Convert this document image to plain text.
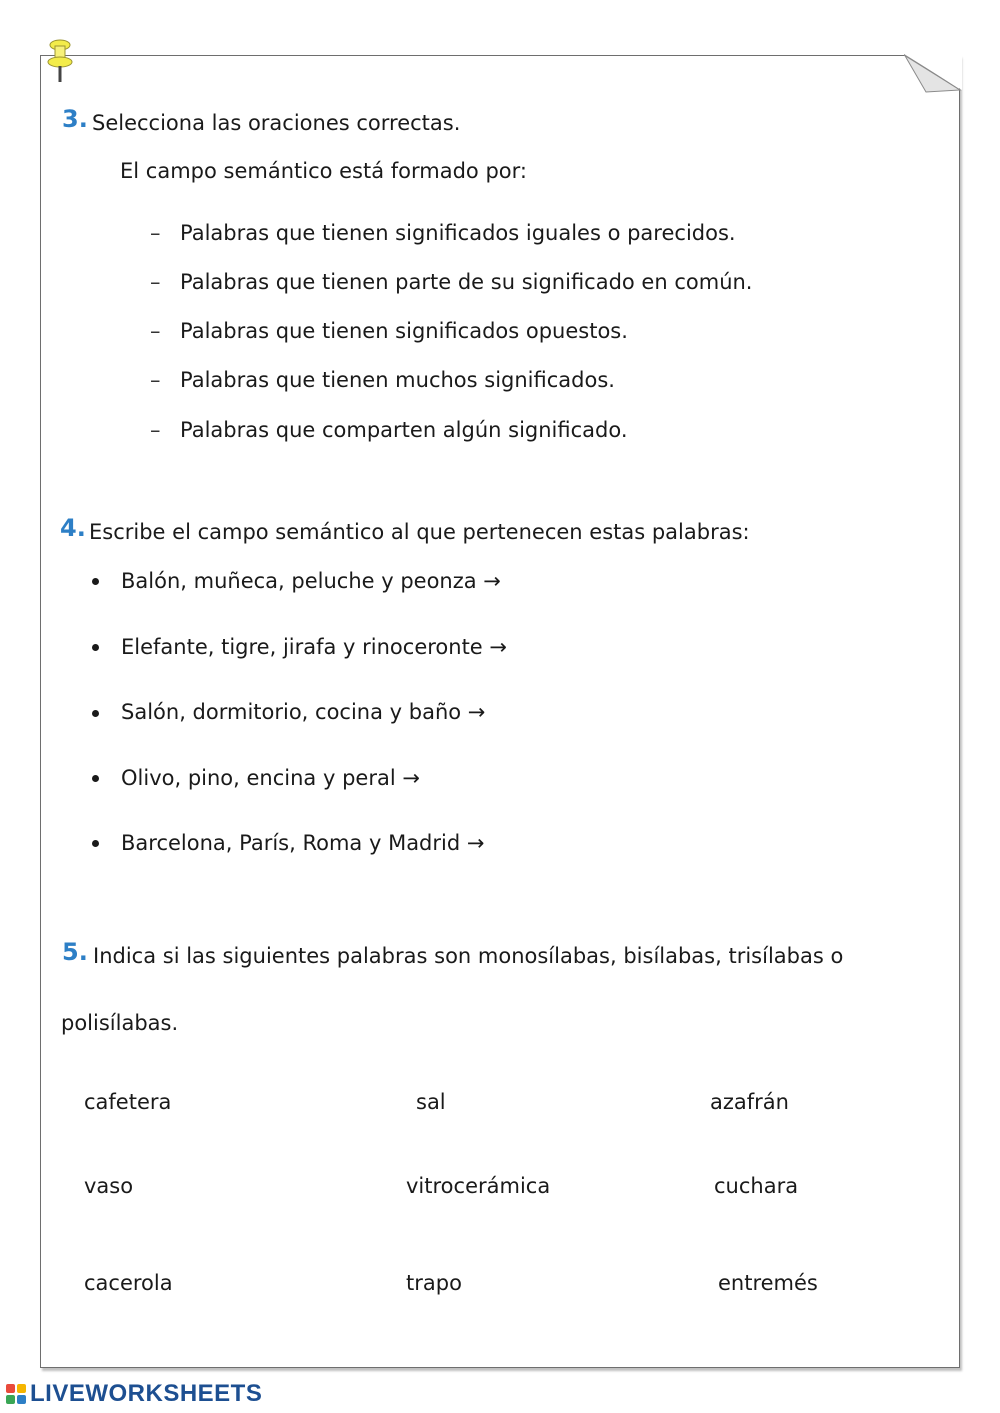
3. Selecciona las oraciones correctas.
El campo semántico está formado por:
– Palabras que tienen significados iguales o parecidos.
– Palabras que tienen parte de su significado en común.
– Palabras que tienen significados opuestos.
– Palabras que tienen muchos significados.
– Palabras que comparten algún significado.
4. Escribe el campo semántico al que pertenecen estas palabras:
Balón, muñeca, peluche y peonza →
Elefante, tigre, jirafa y rinoceronte →
Salón, dormitorio, cocina y baño →
Olivo, pino, encina y peral →
Barcelona, París, Roma y Madrid →
5. Indica si las siguientes palabras son monosílabas, bisílabas, trisílabas o
polisílabas.
cafetera	sal	azafrán
vaso	vitrocerámica	cuchara
cacerola	trapo	entremés
LIVEWORKSHEETS
